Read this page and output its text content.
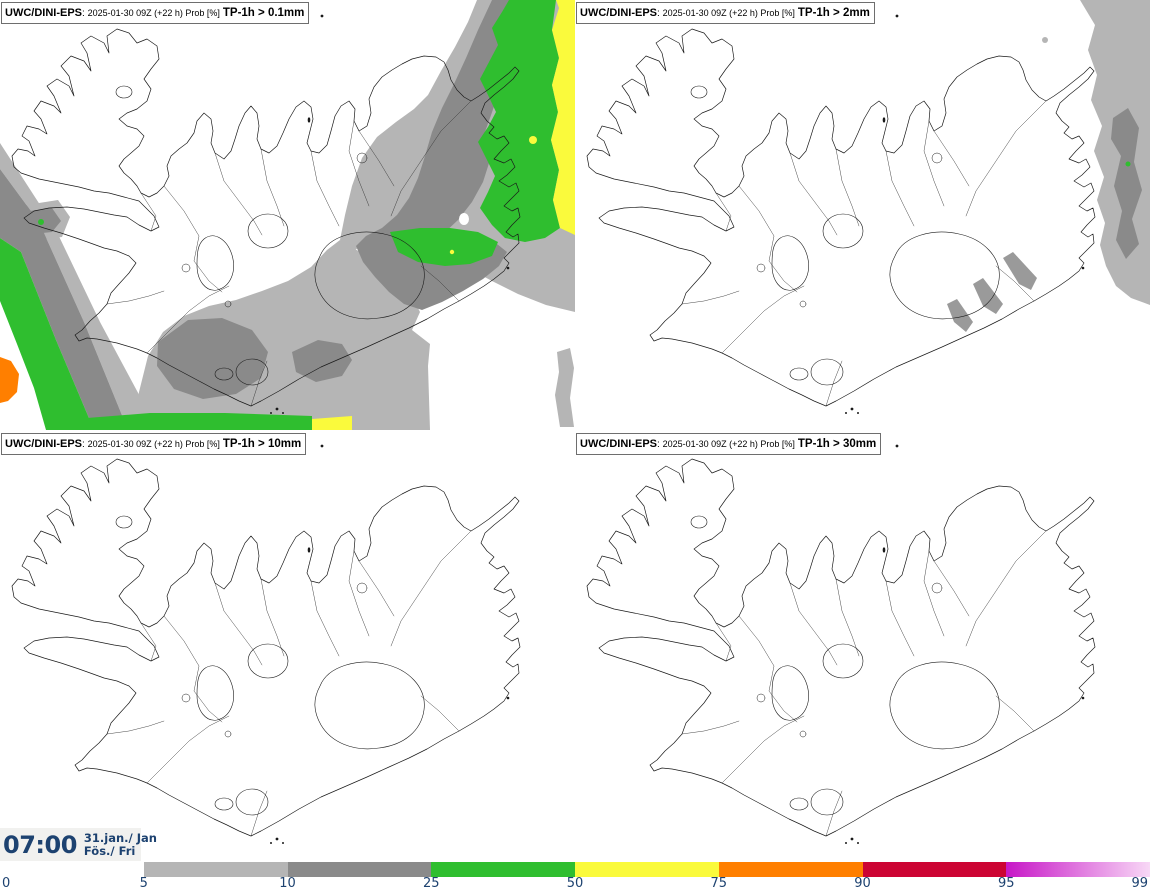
UWC/DINI-EPS: 2025-01-30 09Z (+22 h) Prob [%] TP-1h > 0.1mm	UWC/DINI-EPS: 2025-01-30 09Z (+22 h) Prob [%] TP-1h > 2mm
UWC/DINI-EPS: 2025-01-30 09Z (+22 h) Prob [%] TP-1h > 10mm	UWC/DINI-EPS: 2025-01-30 09Z (+22 h) Prob [%] TP-1h > 30mm
07:00 31.jan./ Jan
Fös./ Fri
0	5	10	25	50	75	90	95	99
